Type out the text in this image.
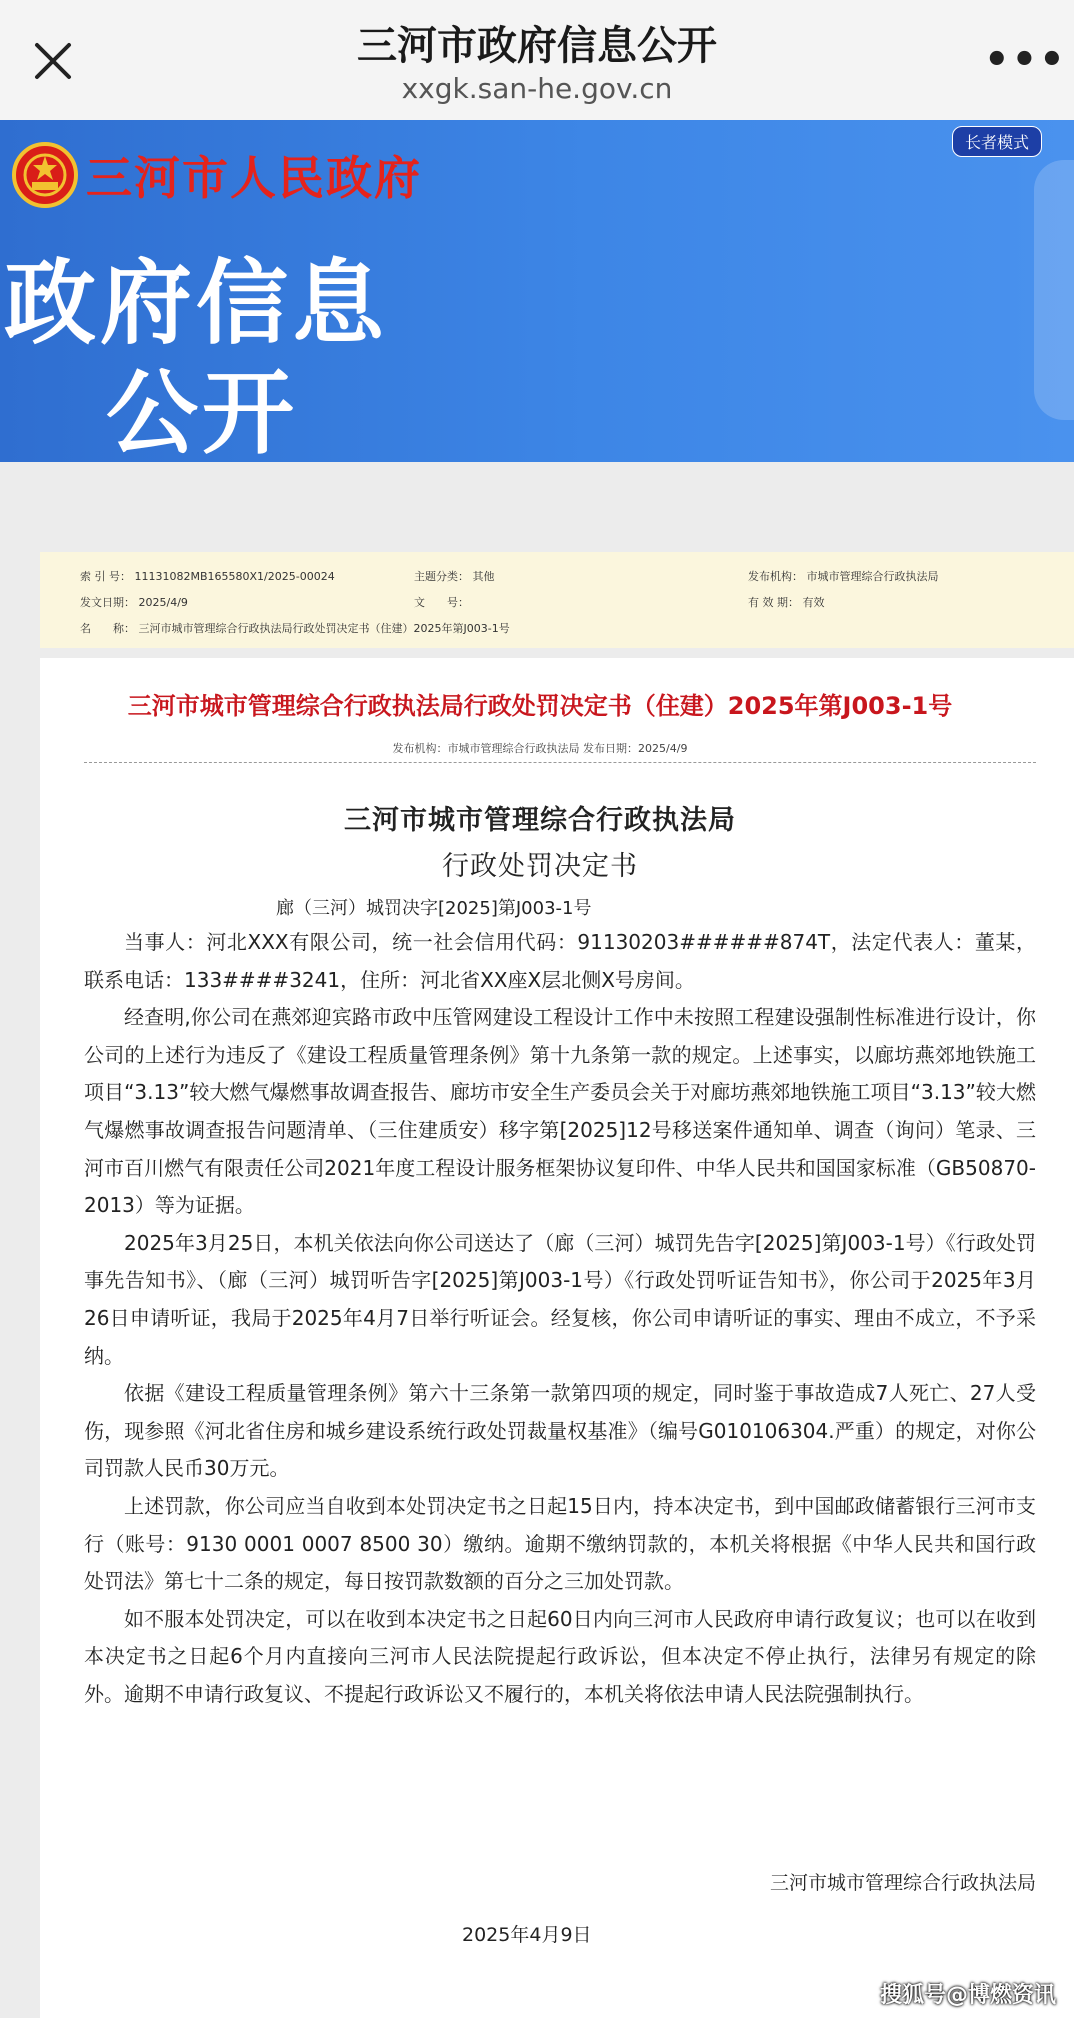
三河市政府信息公开
xxgk.san-he.gov.cn
•••
三河市人民政府
长者模式
政府信息
公开
索 引 号： 11131082MB165580X1/2025-00024	主题分类： 其他	发布机构： 市城市管理综合行政执法局
发文日期： 2025/4/9	文　　号：	有 效 期： 有效
名　　称： 三河市城市管理综合行政执法局行政处罚决定书（住建）2025年第J003-1号
三河市城市管理综合行政执法局行政处罚决定书（住建）2025年第J003-1号
发布机构：市城市管理综合行政执法局 发布日期：2025/4/9
三河市城市管理综合行政执法局
行政处罚决定书
廊（三河）城罚决字[2025]第J003-1号

当事人：河北XXX有限公司，统一社会信用代码：91130203######874T，法定代表人：董某，联系电话：133####3241，住所：河北省XX座X层北侧X号房间。

经查明,你公司在燕郊迎宾路市政中压管网建设工程设计工作中未按照工程建设强制性标准进行设计，你公司的上述行为违反了《建设工程质量管理条例》第十九条第一款的规定。上述事实，以廊坊燕郊地铁施工项目“3.13”较大燃气爆燃事故调查报告、廊坊市安全生产委员会关于对廊坊燕郊地铁施工项目“3.13”较大燃气爆燃事故调查报告问题清单、（三住建质安）移字第[2025]12号移送案件通知单、调查（询问）笔录、三河市百川燃气有限责任公司2021年度工程设计服务框架协议复印件、中华人民共和国国家标准（GB50870-2013）等为证据。

2025年3月25日，本机关依法向你公司送达了（廊（三河）城罚先告字[2025]第J003-1号）《行政处罚事先告知书》、（廊（三河）城罚听告字[2025]第J003-1号）《行政处罚听证告知书》，你公司于2025年3月26日申请听证，我局于2025年4月7日举行听证会。经复核，你公司申请听证的事实、理由不成立，不予采纳。

依据《建设工程质量管理条例》第六十三条第一款第四项的规定，同时鉴于事故造成7人死亡、27人受伤，现参照《河北省住房和城乡建设系统行政处罚裁量权基准》（编号G010106304.严重）的规定，对你公司罚款人民币30万元。

上述罚款，你公司应当自收到本处罚决定书之日起15日内，持本决定书，到中国邮政储蓄银行三河市支行（账号：9130 0001 0007 8500 30）缴纳。逾期不缴纳罚款的，本机关将根据《中华人民共和国行政处罚法》第七十二条的规定，每日按罚款数额的百分之三加处罚款。

如不服本处罚决定，可以在收到本决定书之日起60日内向三河市人民政府申请行政复议；也可以在收到本决定书之日起6个月内直接向三河市人民法院提起行政诉讼，但本决定不停止执行，法律另有规定的除外。逾期不申请行政复议、不提起行政诉讼又不履行的，本机关将依法申请人民法院强制执行。

三河市城市管理综合行政执法局
2025年4月9日
搜狐号@博燃资讯
